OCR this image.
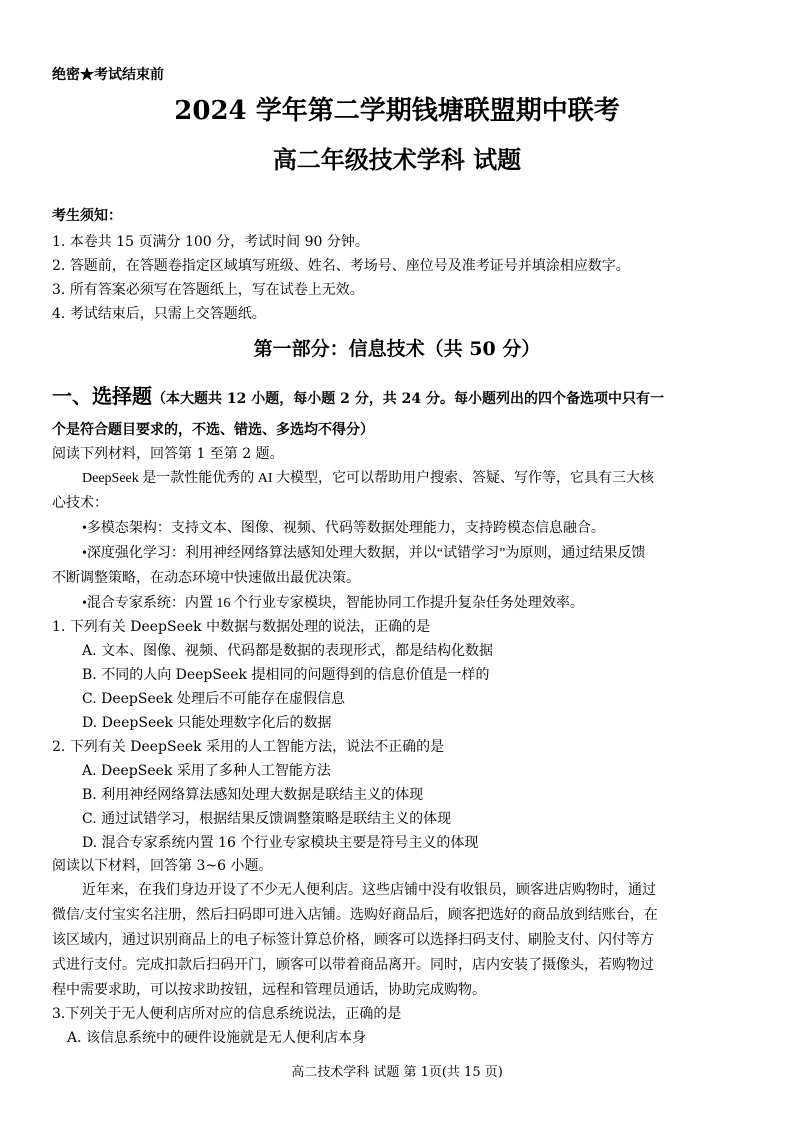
绝密★考试结束前
2024 学年第二学期钱塘联盟期中联考
高二年级技术学科 试题
考生须知：
1. 本卷共 15 页满分 100 分，考试时间 90 分钟。
2. 答题前，在答题卷指定区域填写班级、姓名、考场号、座位号及准考证号并填涂相应数字。
3. 所有答案必须写在答题纸上，写在试卷上无效。
4. 考试结束后，只需上交答题纸。
第一部分：信息技术（共 50 分）
一、选择题（本大题共 12 小题，每小题 2 分，共 24 分。每小题列出的四个备选项中只有一
个是符合题目要求的，不选、错选、多选均不得分）
阅读下列材料，回答第 1 至第 2 题。
DeepSeek 是一款性能优秀的 AI 大模型，它可以帮助用户搜索、答疑、写作等，它具有三大核
心技术：
•多模态架构：支持文本、图像、视频、代码等数据处理能力，支持跨模态信息融合。
•深度强化学习：利用神经网络算法感知处理大数据，并以“试错学习”为原则，通过结果反馈
不断调整策略，在动态环境中快速做出最优决策。
•混合专家系统：内置 16 个行业专家模块，智能协同工作提升复杂任务处理效率。
1. 下列有关 DeepSeek 中数据与数据处理的说法，正确的是
A. 文本、图像、视频、代码都是数据的表现形式，都是结构化数据
B. 不同的人向 DeepSeek 提相同的问题得到的信息价值是一样的
C. DeepSeek 处理后不可能存在虚假信息
D. DeepSeek 只能处理数字化后的数据
2. 下列有关 DeepSeek 采用的人工智能方法，说法不正确的是
A. DeepSeek 采用了多种人工智能方法
B. 利用神经网络算法感知处理大数据是联结主义的体现
C. 通过试错学习，根据结果反馈调整策略是联结主义的体现
D. 混合专家系统内置 16 个行业专家模块主要是符号主义的体现
阅读以下材料，回答第 3~6 小题。
近年来，在我们身边开设了不少无人便利店。这些店铺中没有收银员，顾客进店购物时，通过
微信/支付宝实名注册，然后扫码即可进入店铺。选购好商品后，顾客把选好的商品放到结账台，在
该区域内，通过识别商品上的电子标签计算总价格，顾客可以选择扫码支付、刷脸支付、闪付等方
式进行支付。完成扣款后扫码开门，顾客可以带着商品离开。同时，店内安装了摄像头，若购物过
程中需要求助，可以按求助按钮，远程和管理员通话，协助完成购物。
3.下列关于无人便利店所对应的信息系统说法，正确的是
A. 该信息系统中的硬件设施就是无人便利店本身
高二技术学科 试题 第 1页(共 15 页)
